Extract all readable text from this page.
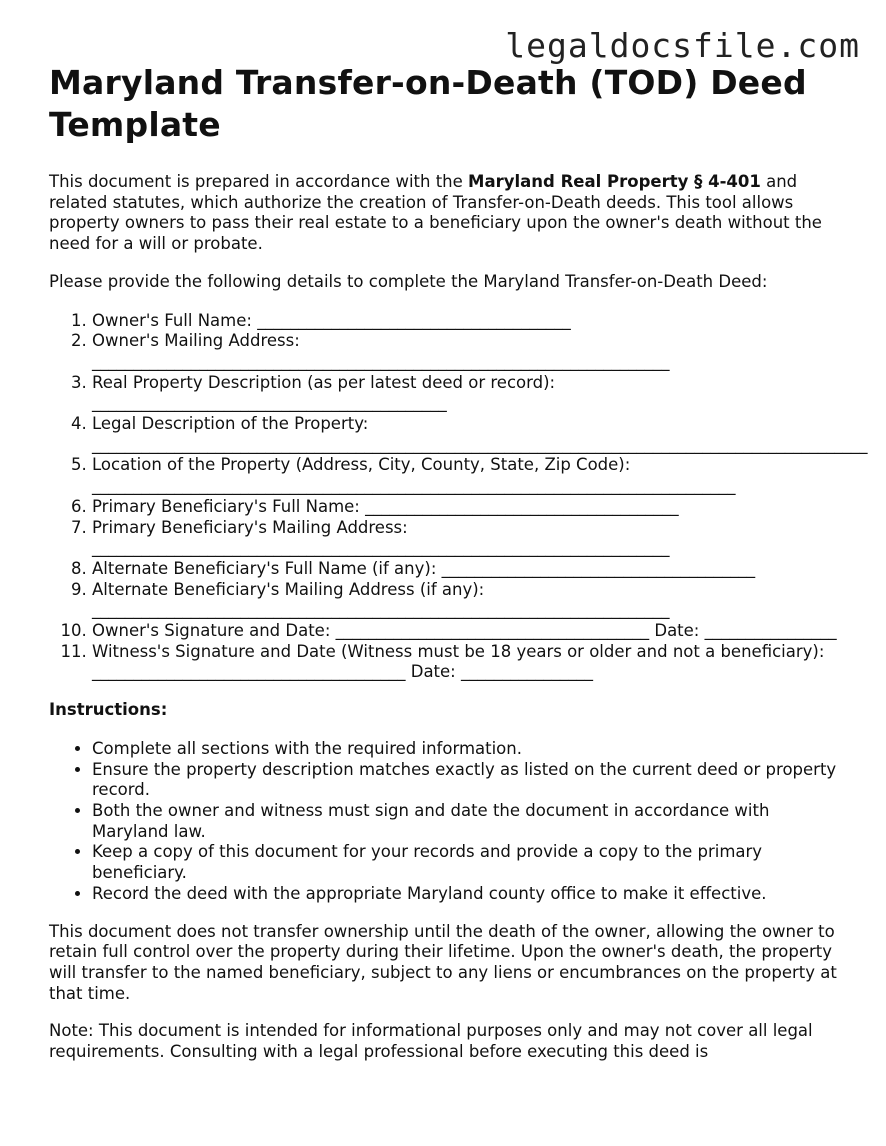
legaldocsfile.com
Maryland Transfer-on-Death (TOD) Deed Template

This document is prepared in accordance with the Maryland Real Property § 4-401 and related statutes, which authorize the creation of Transfer-on-Death deeds. This tool allows property owners to pass their real estate to a beneficiary upon the owner's death without the need for a will or probate.

Please provide the following details to complete the Maryland Transfer-on-Death Deed:

1. Owner's Full Name: ______________________________________
2. Owner's Mailing Address: ______________________________________________________________________
3. Real Property Description (as per latest deed or record): ___________________________________________
4. Legal Description of the Property: ______________________________________________________________________________________________
5. Location of the Property (Address, City, County, State, Zip Code): ______________________________________________________________________________
6. Primary Beneficiary's Full Name: ______________________________________
7. Primary Beneficiary's Mailing Address: ______________________________________________________________________
8. Alternate Beneficiary's Full Name (if any): ______________________________________
9. Alternate Beneficiary's Mailing Address (if any): ______________________________________________________________________
10. Owner's Signature and Date: ______________________________________ Date: ________________
11. Witness's Signature and Date (Witness must be 18 years or older and not a beneficiary): ______________________________________ Date: ________________

Instructions:

• Complete all sections with the required information.
• Ensure the property description matches exactly as listed on the current deed or property record.
• Both the owner and witness must sign and date the document in accordance with Maryland law.
• Keep a copy of this document for your records and provide a copy to the primary beneficiary.
• Record the deed with the appropriate Maryland county office to make it effective.

This document does not transfer ownership until the death of the owner, allowing the owner to retain full control over the property during their lifetime. Upon the owner's death, the property will transfer to the named beneficiary, subject to any liens or encumbrances on the property at that time.

Note: This document is intended for informational purposes only and may not cover all legal requirements. Consulting with a legal professional before executing this deed is
